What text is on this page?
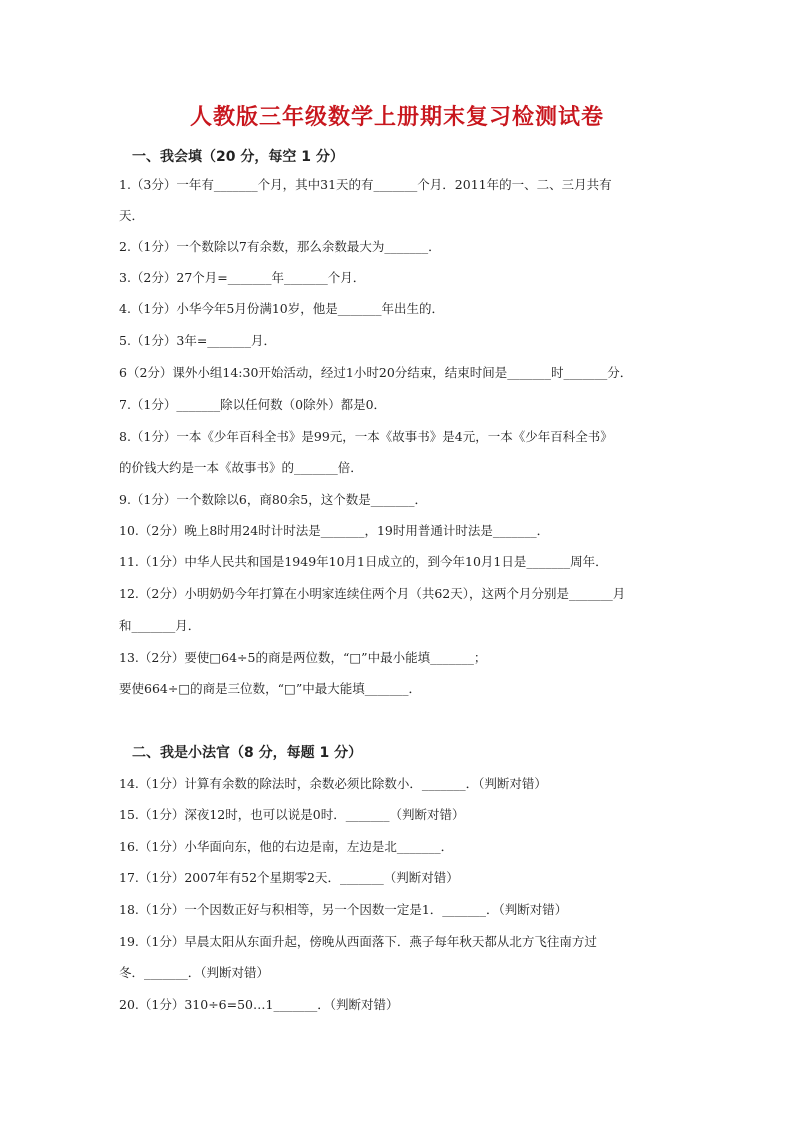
人教版三年级数学上册期末复习检测试卷
一、我会填（20 分，每空 1 分）

1.（3分）一年有_______个月，其中31天的有_______个月．2011年的一、二、三月共有

天．

2.（1分）一个数除以7有余数，那么余数最大为_______．

3.（2分）27个月=_______年_______个月．

4.（1分）小华今年5月份满10岁，他是_______年出生的．

5.（1分）3年=_______月．

6（2分）课外小组14:30开始活动，经过1小时20分结束，结束时间是_______时_______分．

7.（1分）_______除以任何数（0除外）都是0．

8.（1分）一本《少年百科全书》是99元，一本《故事书》是4元，一本《少年百科全书》

的价钱大约是一本《故事书》的_______倍．

9.（1分）一个数除以6，商80余5，这个数是_______．

10.（2分）晚上8时用24时计时法是_______，19时用普通计时法是_______．

11.（1分）中华人民共和国是1949年10月1日成立的，到今年10月1日是_______周年．

12.（2分）小明奶奶今年打算在小明家连续住两个月（共62天），这两个月分别是_______月

和_______月．

13.（2分）要使□64÷5的商是两位数，“□”中最小能填_______；

要使664÷□的商是三位数，“□”中最大能填_______．

二、我是小法官（8 分，每题 1 分）

14.（1分）计算有余数的除法时，余数必须比除数小．_______．（判断对错）

15.（1分）深夜12时，也可以说是0时．_______（判断对错）

16.（1分）小华面向东，他的右边是南，左边是北_______．

17.（1分）2007年有52个星期零2天．_______（判断对错）

18.（1分）一个因数正好与积相等，另一个因数一定是1．_______．（判断对错）

19.（1分）早晨太阳从东面升起，傍晚从西面落下．燕子每年秋天都从北方飞往南方过

冬．_______．（判断对错）

20.（1分）310÷6=50…1_______．（判断对错）
